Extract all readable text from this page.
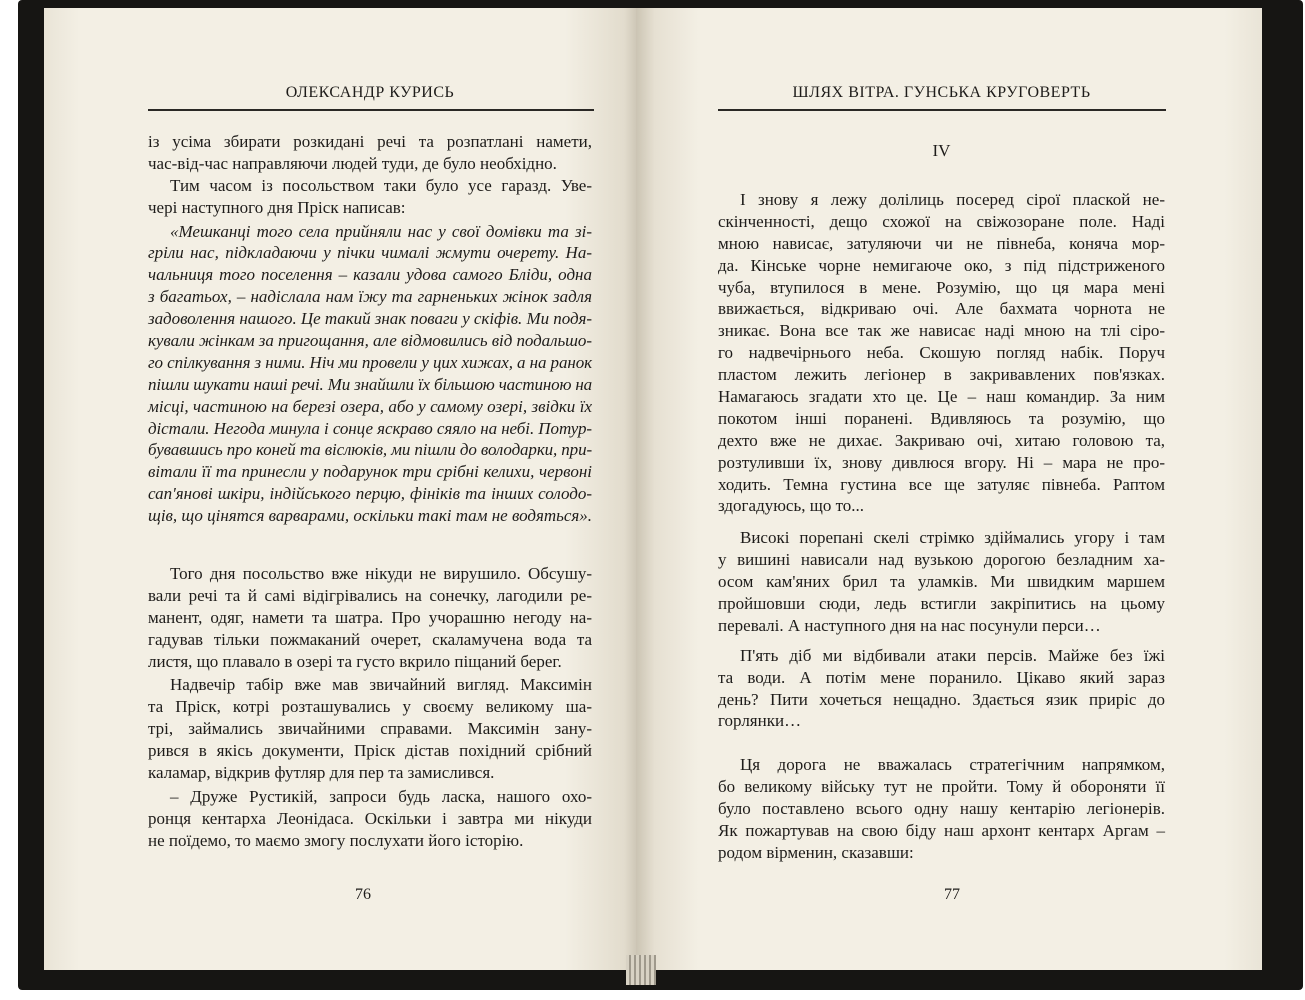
ОЛЕКСАНДР КУРИСЬ
із усіма збирати розкидані речі та розпатлані намети,
час-від-час направляючи людей туди, де було необхідно.
Тим часом із посольством таки було усе гаразд. Уве-
чері наступного дня Пріск написав:
«Мешканці того села прийняли нас у свої домівки та зі-
гріли нас, підкладаючи у пічки чималі жмути очерету. На-
чальниця того поселення – казали удова самого Бліди, одна
з багатьох, – надіслала нам їжу та гарненьких жінок задля
задоволення нашого. Це такий знак поваги у скіфів. Ми подя-
кували жінкам за пригощання, але відмовились від подальшо-
го спілкування з ними. Ніч ми провели у цих хижах, а на ранок
пішли шукати наші речі. Ми знайшли їх більшою частиною на
місці, частиною на березі озера, або у самому озері, звідки їх
дістали. Негода минула і сонце яскраво сяяло на небі. Потур-
бувавшись про коней та віслюків, ми пішли до володарки, при-
вітали її та принесли у подарунок три срібні келихи, червоні
сап'янові шкіри, індійського перцю, фініків та інших солодо-
щів, що цінятся варварами, оскільки такі там не водяться».
Того дня посольство вже нікуди не вирушило. Обсушу-
вали речі та й самі відігрівались на сонечку, лагодили ре-
манент, одяг, намети та шатра. Про учорашню негоду на-
гадував тільки пожмаканий очерет, скаламучена вода та
листя, що плавало в озері та густо вкрило піщаний берег.
Надвечір табір вже мав звичайний вигляд. Максимін
та Пріск, котрі розташувались у своєму великому ша-
трі, займались звичайними справами. Максимін зану-
рився в якісь документи, Пріск дістав похідний срібний
каламар, відкрив футляр для пер та замислився.
– Друже Рустикій, запроси будь ласка, нашого охо-
ронця кентарха Леонідаса. Оскільки і завтра ми нікуди
не поїдемо, то маємо змогу послухати його історію.
76
ШЛЯХ ВІТРА. ГУНСЬКА КРУГОВЕРТЬ
IV
І знову я лежу долілиць посеред сірої плаской не-
скінченності, дещо схожої на свіжозоране поле. Наді
мною нависає, затуляючи чи не півнеба, коняча мор-
да. Кінське чорне немигаюче око, з під підстриженого
чуба, втупилося в мене. Розумію, що ця мара мені
ввижається, відкриваю очі. Але бахмата чорнота не
зникає. Вона все так же нависає наді мною на тлі сіро-
го надвечірнього неба. Скошую погляд набік. Поруч
пластом лежить легіонер в закривавлених пов'язках.
Намагаюсь згадати хто це. Це – наш командир. За ним
покотом інші поранені. Вдивляюсь та розумію, що
дехто вже не дихає. Закриваю очі, хитаю головою та,
розтуливши їх, знову дивлюся вгору. Ні – мара не про-
ходить. Темна густина все ще затуляє півнеба. Раптом
здогадуюсь, що то...
Високі порепані скелі стрімко здіймались угору і там
у вишині нависали над вузькою дорогою безладним ха-
осом кам'яних брил та уламків. Ми швидким маршем
пройшовши сюди, ледь встигли закріпитись на цьому
перевалі. А наступного дня на нас посунули перси…
П'ять діб ми відбивали атаки персів. Майже без їжі
та води. А потім мене поранило. Цікаво який зараз
день? Пити хочеться нещадно. Здається язик приріс до
горлянки…
Ця дорога не вважалась стратегічним напрямком,
бо великому війську тут не пройти. Тому й обороняти її
було поставлено всього одну нашу кентарію легіонерів.
Як пожартував на свою біду наш архонт кентарх Аргам –
родом вірменин, сказавши:
77
